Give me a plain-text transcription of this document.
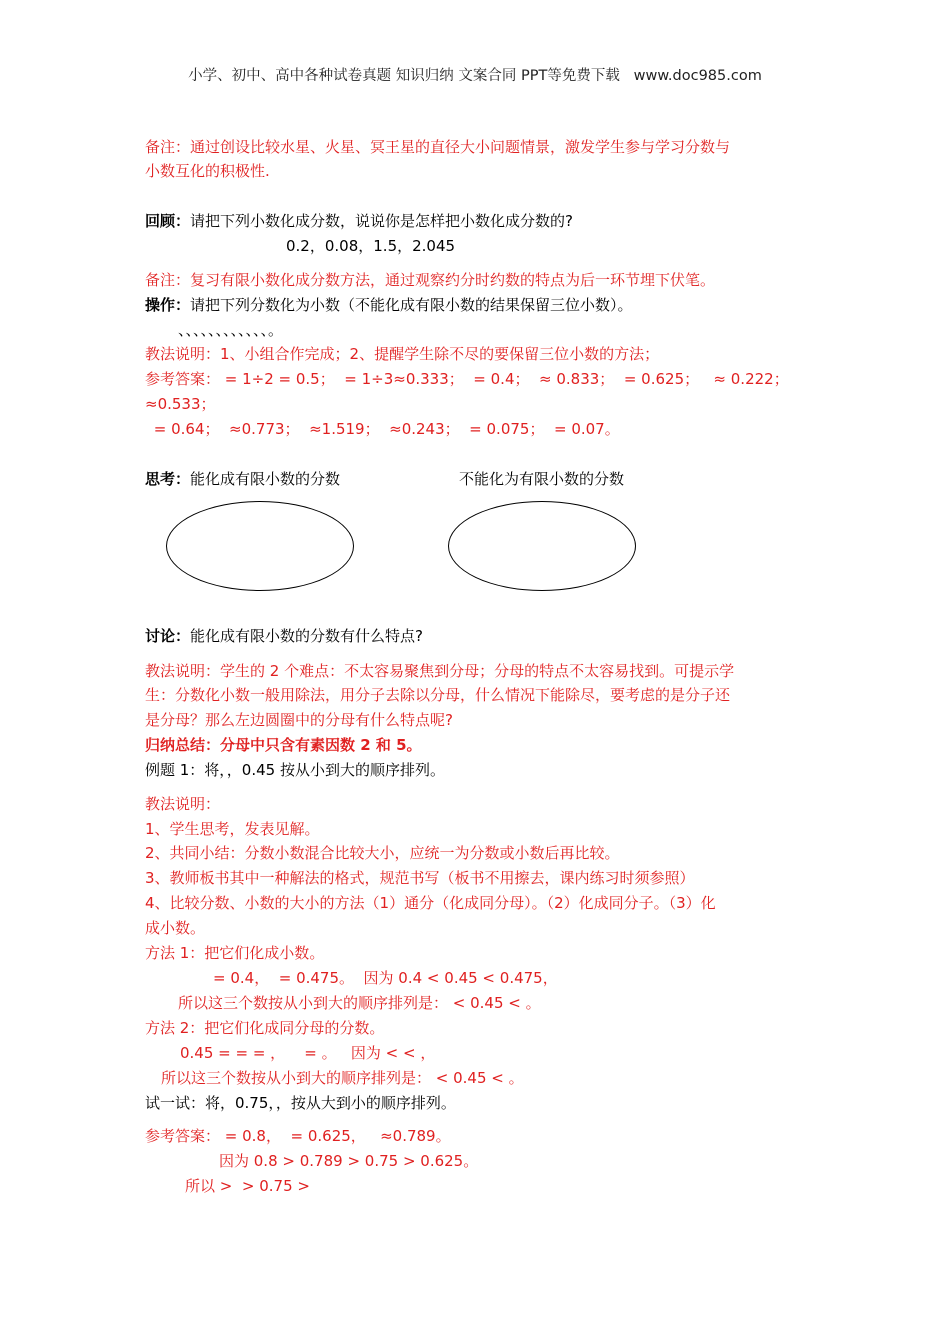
小学、初中、高中各种试卷真题 知识归纳 文案合同 PPT等免费下载   www.doc985.com
备注：通过创设比较水星、火星、冥王星的直径大小问题情景，激发学生参与学习分数与
小数互化的积极性.
回顾：请把下列小数化成分数，说说你是怎样把小数化成分数的?
0.2，0.08，1.5，2.045
备注：复习有限小数化成分数方法，通过观察约分时约数的特点为后一环节埋下伏笔。
操作：请把下列分数化为小数（不能化成有限小数的结果保留三位小数）。
、、、、、、、、、、、、。
教法说明：1、小组合作完成；2、提醒学生除不尽的要保留三位小数的方法；
参考答案： = 1÷2 = 0.5；  = 1÷3≈0.333；  = 0.4；  ≈ 0.833；  = 0.625；   ≈ 0.222；
≈0.533；
= 0.64；  ≈0.773；  ≈1.519；  ≈0.243；  = 0.075；  = 0.07。
思考：能化成有限小数的分数	不能化为有限小数的分数
讨论：能化成有限小数的分数有什么特点?
教法说明：学生的 2 个难点：不太容易聚焦到分母；分母的特点不太容易找到。可提示学
生：分数化小数一般用除法，用分子去除以分母，什么情况下能除尽，要考虑的是分子还
是分母？那么左边圆圈中的分母有什么特点呢?
归纳总结：分母中只含有素因数 2 和 5。
例题 1：将，，0.45 按从小到大的顺序排列。
教法说明：
1、学生思考，发表见解。
2、共同小结：分数小数混合比较大小，应统一为分数或小数后再比较。
3、教师板书其中一种解法的格式，规范书写（板书不用擦去，课内练习时须参照）
4、比较分数、小数的大小的方法（1）通分（化成同分母）。（2）化成同分子。（3）化
成小数。
方法 1：把它们化成小数。
= 0.4，  = 0.475。  因为 0.4 < 0.45 < 0.475，
所以这三个数按从小到大的顺序排列是： < 0.45 < 。
方法 2：把它们化成同分母的分数。
0.45 = = = ，    = 。   因为 < < ，
所以这三个数按从小到大的顺序排列是： < 0.45 < 。
试一试：将，0.75，，按从大到小的顺序排列。
参考答案： = 0.8，  = 0.625，   ≈0.789。
因为 0.8 > 0.789 > 0.75 > 0.625。
所以 >  > 0.75 >
